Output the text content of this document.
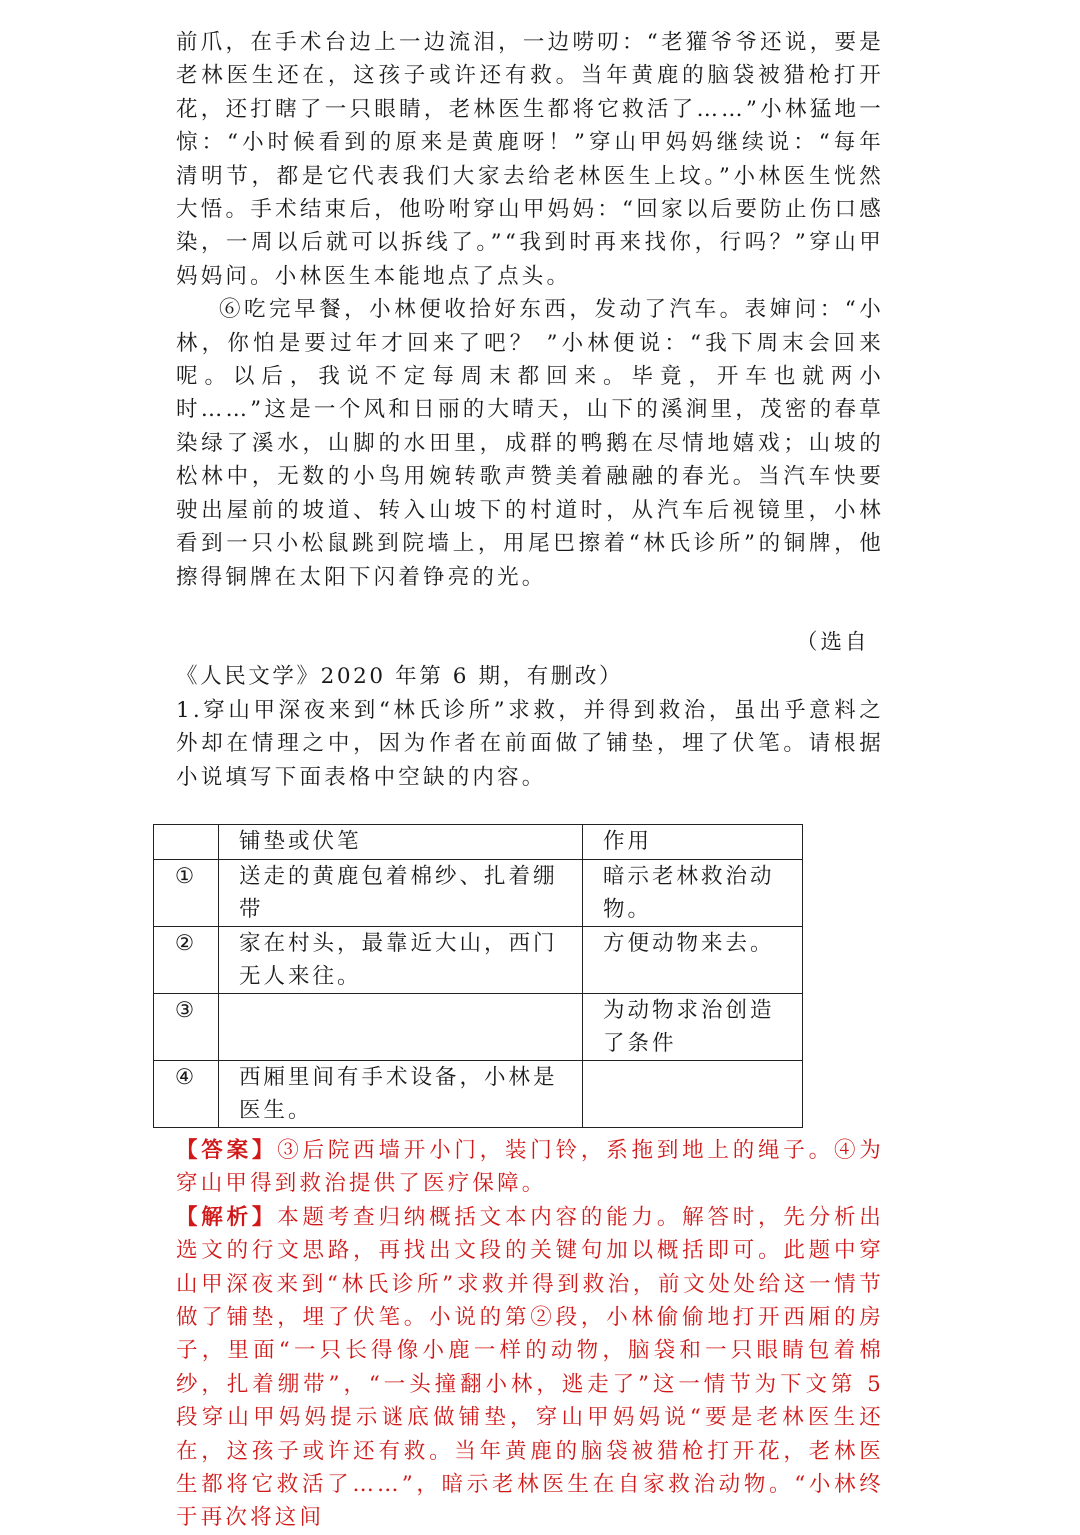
前爪，在手术台边上一边流泪，一边唠叨：“老獾爷爷还说，要是老林医生还在，这孩子或许还有救。当年黄鹿的脑袋被猎枪打开花，还打瞎了一只眼睛，老林医生都将它救活了……”小林猛地一惊：“小时候看到的原来是黄鹿呀！”穿山甲妈妈继续说：“每年清明节，都是它代表我们大家去给老林医生上坟。”小林医生恍然大悟。手术结束后，他吩咐穿山甲妈妈：“回家以后要防止伤口感染，一周以后就可以拆线了。”“我到时再来找你，行吗？”穿山甲妈妈问。小林医生本能地点了点头。

⑥吃完早餐，小林便收拾好东西，发动了汽车。表婶问：“小林，你怕是要过年才回来了吧？ ”小林便说：“我下周末会回来呢。以后，我说不定每周末都回来。毕竟，开车也就两小时……”这是一个风和日丽的大晴天，山下的溪涧里，茂密的春草染绿了溪水，山脚的水田里，成群的鸭鹅在尽情地嬉戏；山坡的松林中，无数的小鸟用婉转歌声赞美着融融的春光。当汽车快要驶出屋前的坡道、转入山坡下的村道时，从汽车后视镜里，小林看到一只小松鼠跳到院墙上，用尾巴擦着“林氏诊所”的铜牌，他擦得铜牌在太阳下闪着铮亮的光。

（选自
《人民文学》2020 年第 6 期，有删改）

1.穿山甲深夜来到“林氏诊所”求救，并得到救治，虽出乎意料之外却在情理之中，因为作者在前面做了铺垫，埋了伏笔。请根据小说填写下面表格中空缺的内容。

	铺垫或伏笔	作用
①	送走的黄鹿包着棉纱、扎着绷带	暗示老林救治动物。
②	家在村头，最靠近大山，西门无人来往。	方便动物来去。
③		为动物求治创造了条件
④	西厢里间有手术设备，小林是医生。	

【答案】③后院西墙开小门，装门铃，系拖到地上的绳子。④为穿山甲得到救治提供了医疗保障。

【解析】本题考查归纳概括文本内容的能力。解答时，先分析出选文的行文思路，再找出文段的关键句加以概括即可。此题中穿山甲深夜来到“林氏诊所”求救并得到救治，前文处处给这一情节做了铺垫，埋了伏笔。小说的第②段，小林偷偷地打开西厢的房子，里面“一只长得像小鹿一样的动物，脑袋和一只眼睛包着棉纱，扎着绷带”，“一头撞翻小林，逃走了”这一情节为下文第 5 段穿山甲妈妈提示谜底做铺垫，穿山甲妈妈说“要是老林医生还在，这孩子或许还有救。当年黄鹿的脑袋被猎枪打开花，老林医生都将它救活了……”，暗示老林医生在自家救治动物。“小林终于再次将这间
